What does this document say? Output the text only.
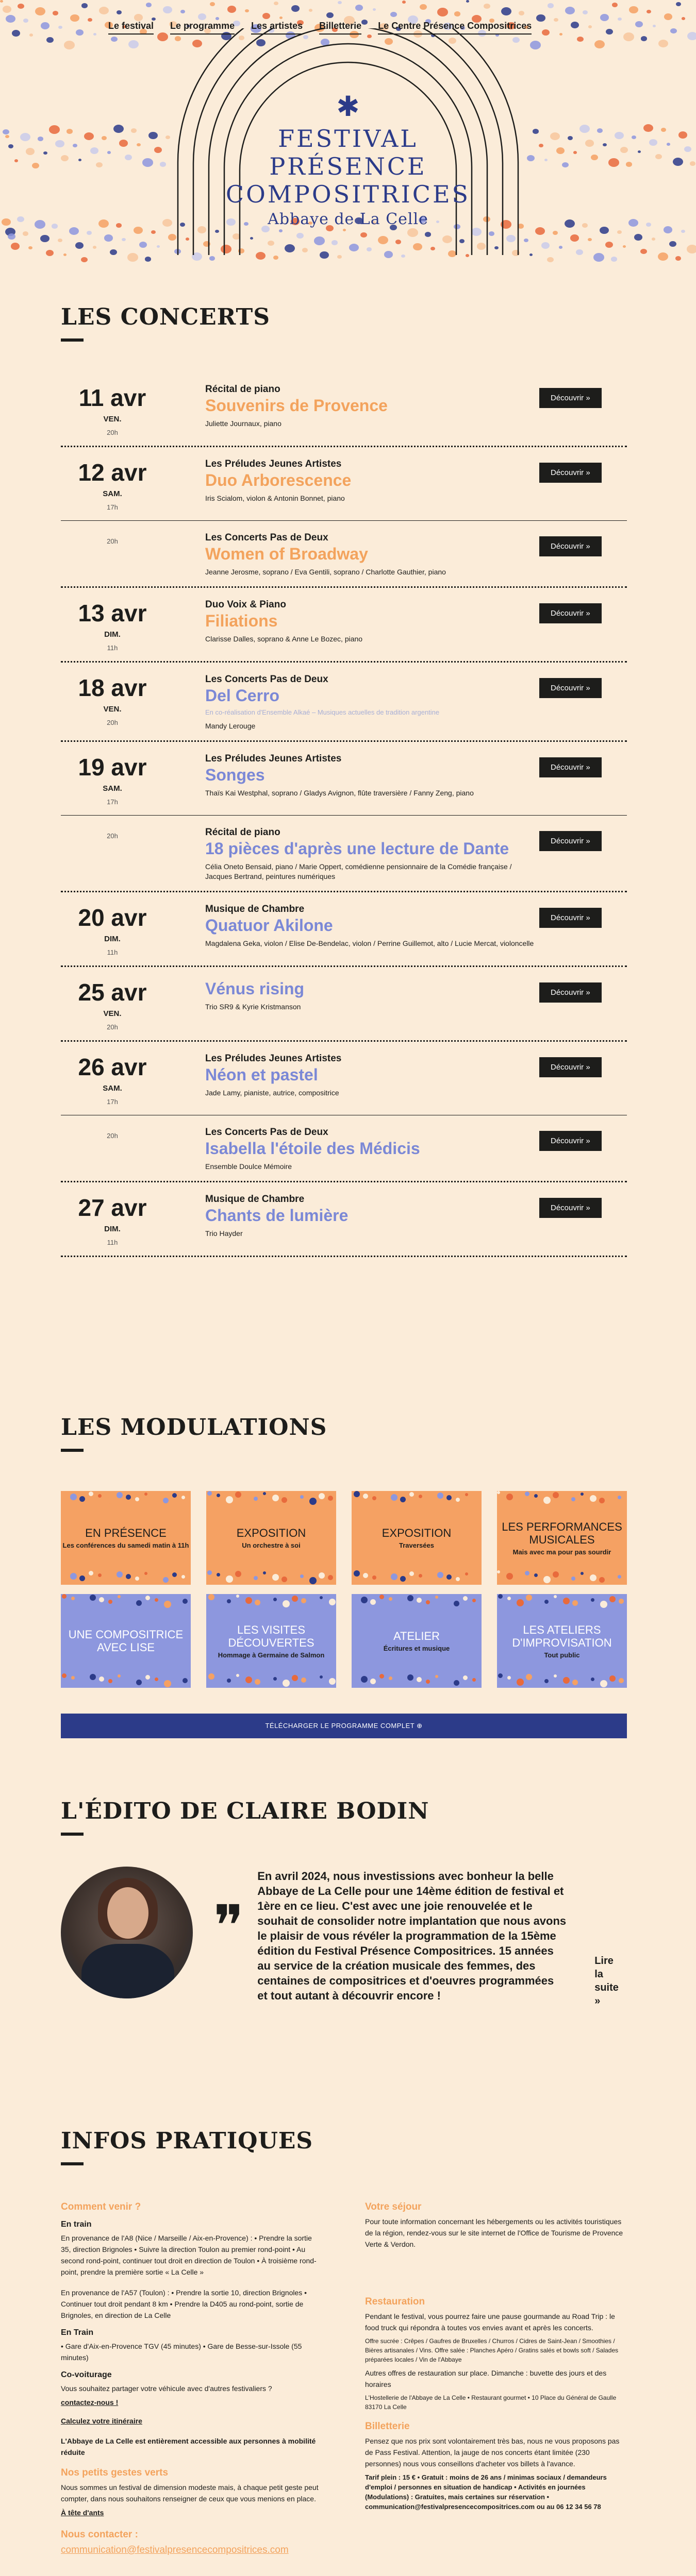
Le festival Le programme Les artistes Billetterie Le Centre Présence Compositrices
✱
FESTIVAL
PRÉSENCE
COMPOSITRICES
Abbaye de La Celle
LES CONCERTS
11 avr
VEN.
20h
Récital de piano
Souvenirs de Provence
Juliette Journaux, piano
Découvrir »
12 avr
SAM.
17h
Les Préludes Jeunes Artistes
Duo Arborescence
Iris Scialom, violon & Antonin Bonnet, piano
Découvrir »
20h	Les Concerts Pas de Deux
Women of Broadway
Jeanne Jerosme, soprano / Eva Gentili, soprano / Charlotte Gauthier, piano
Découvrir »
13 avr
DIM.
11h
Duo Voix & Piano
Filiations
Clarisse Dalles, soprano & Anne Le Bozec, piano
Découvrir »
18 avr
VEN.
20h
Les Concerts Pas de Deux
Del Cerro
En co-réalisation d'Ensemble Alkaé – Musiques actuelles de tradition argentine
Mandy Lerouge
Découvrir »
19 avr
SAM.
17h
Les Préludes Jeunes Artistes
Songes
Thaïs Kai Westphal, soprano / Gladys Avignon, flûte traversière / Fanny Zeng, piano
Découvrir »
20h	Récital de piano
18 pièces d'après une lecture de Dante
Célia Oneto Bensaid, piano / Marie Oppert, comédienne pensionnaire de la Comédie française / Jacques Bertrand, peintures numériques
Découvrir »
20 avr
DIM.
11h
Musique de Chambre
Quatuor Akilone
Magdalena Geka, violon / Elise De-Bendelac, violon / Perrine Guillemot, alto / Lucie Mercat, violoncelle
Découvrir »
25 avr
VEN.
20h
Vénus rising
Trio SR9 & Kyrie Kristmanson
Découvrir »
26 avr
SAM.
17h
Les Préludes Jeunes Artistes
Néon et pastel
Jade Lamy, pianiste, autrice, compositrice
Découvrir »
20h	Les Concerts Pas de Deux
Isabella l'étoile des Médicis
Ensemble Doulce Mémoire
Découvrir »
27 avr
DIM.
11h
Musique de Chambre
Chants de lumière
Trio Hayder
Découvrir »
LES MODULATIONS
EN PRÉSENCE
Les conférences du samedi matin à 11h
EXPOSITION
Un orchestre à soi
EXPOSITION
Traversées
LES PERFORMANCES MUSICALES
Mais avec ma pour pas sourdir
UNE COMPOSITRICE AVEC LISE
LES VISITES DÉCOUVERTES
Hommage à Germaine de Salmon
ATELIER
Écritures et musique
LES ATELIERS D'IMPROVISATION
Tout public
TÉLÉCHARGER LE PROGRAMME COMPLET ⊕
L'ÉDITO DE CLAIRE BODIN
❞

En avril 2024, nous investissions avec bonheur la belle Abbaye de La Celle pour une 14ème édition de festival et 1ère en ce lieu. C'est avec une joie renouvelée et le souhait de consolider notre implantation que nous avons le plaisir de vous révéler la programmation de la 15ème édition du Festival Présence Compositrices. 15 années au service de la création musicale des femmes, des centaines de compositrices et d'oeuvres programmées et tout autant à découvrir encore !

Lire la suite »
INFOS PRATIQUES
Comment venir ?
En train

En provenance de l'A8 (Nice / Marseille / Aix-en-Provence) : • Prendre la sortie 35, direction Brignoles • Suivre la direction Toulon au premier rond-point • Au second rond-point, continuer tout droit en direction de Toulon • À troisième rond-point, prendre la première sortie « La Celle »

En provenance de l'A57 (Toulon) : • Prendre la sortie 10, direction Brignoles • Continuer tout droit pendant 8 km • Prendre la D405 au rond-point, sortie de Brignoles, en direction de La Celle

En Train

• Gare d'Aix-en-Provence TGV (45 minutes) • Gare de Besse-sur-Issole (55 minutes)

Co-voiturage

Vous souhaitez partager votre véhicule avec d'autres festivaliers ?

contactez-nous !
Calculez votre itinéraire

L'Abbaye de La Celle est entièrement accessible aux personnes à mobilité réduite

Nos petits gestes verts

Nous sommes un festival de dimension modeste mais, à chaque petit geste peut compter, dans nous souhaitons renseigner de ceux que vous menions en place.

À tête d'ants
Nous contacter :
communication@festivalpresencecompositrices.com
Votre séjour

Pour toute information concernant les hébergements ou les activités touristiques de la région, rendez-vous sur le site internet de l'Office de Tourisme de Provence Verte & Verdon.

Restauration

Pendant le festival, vous pourrez faire une pause gourmande au Road Trip : le food truck qui répondra à toutes vos envies avant et après les concerts.

Offre sucrée : Crêpes / Gaufres de Bruxelles / Churros / Cidres de Saint-Jean / Smoothies / Bières artisanales / Vins. Offre salée : Planches Apéro / Gratins salés et bowls soft / Salades préparées locales / Vin de l'Abbaye

Autres offres de restauration sur place. Dimanche : buvette des jours et des horaires

L'Hostellerie de l'Abbaye de La Celle • Restaurant gourmet • 10 Place du Général de Gaulle 83170 La Celle

Billetterie

Pensez que nos prix sont volontairement très bas, nous ne vous proposons pas de Pass Festival. Attention, la jauge de nos concerts étant limitée (230 personnes) nous vous conseillons d'acheter vos billets à l'avance.

Tarif plein : 15 € • Gratuit : moins de 26 ans / minimas sociaux / demandeurs d'emploi / personnes en situation de handicap • Activités en journées (Modulations) : Gratuites, mais certaines sur réservation • communication@festivalpresencecompositrices.com ou au 06 12 34 56 78
